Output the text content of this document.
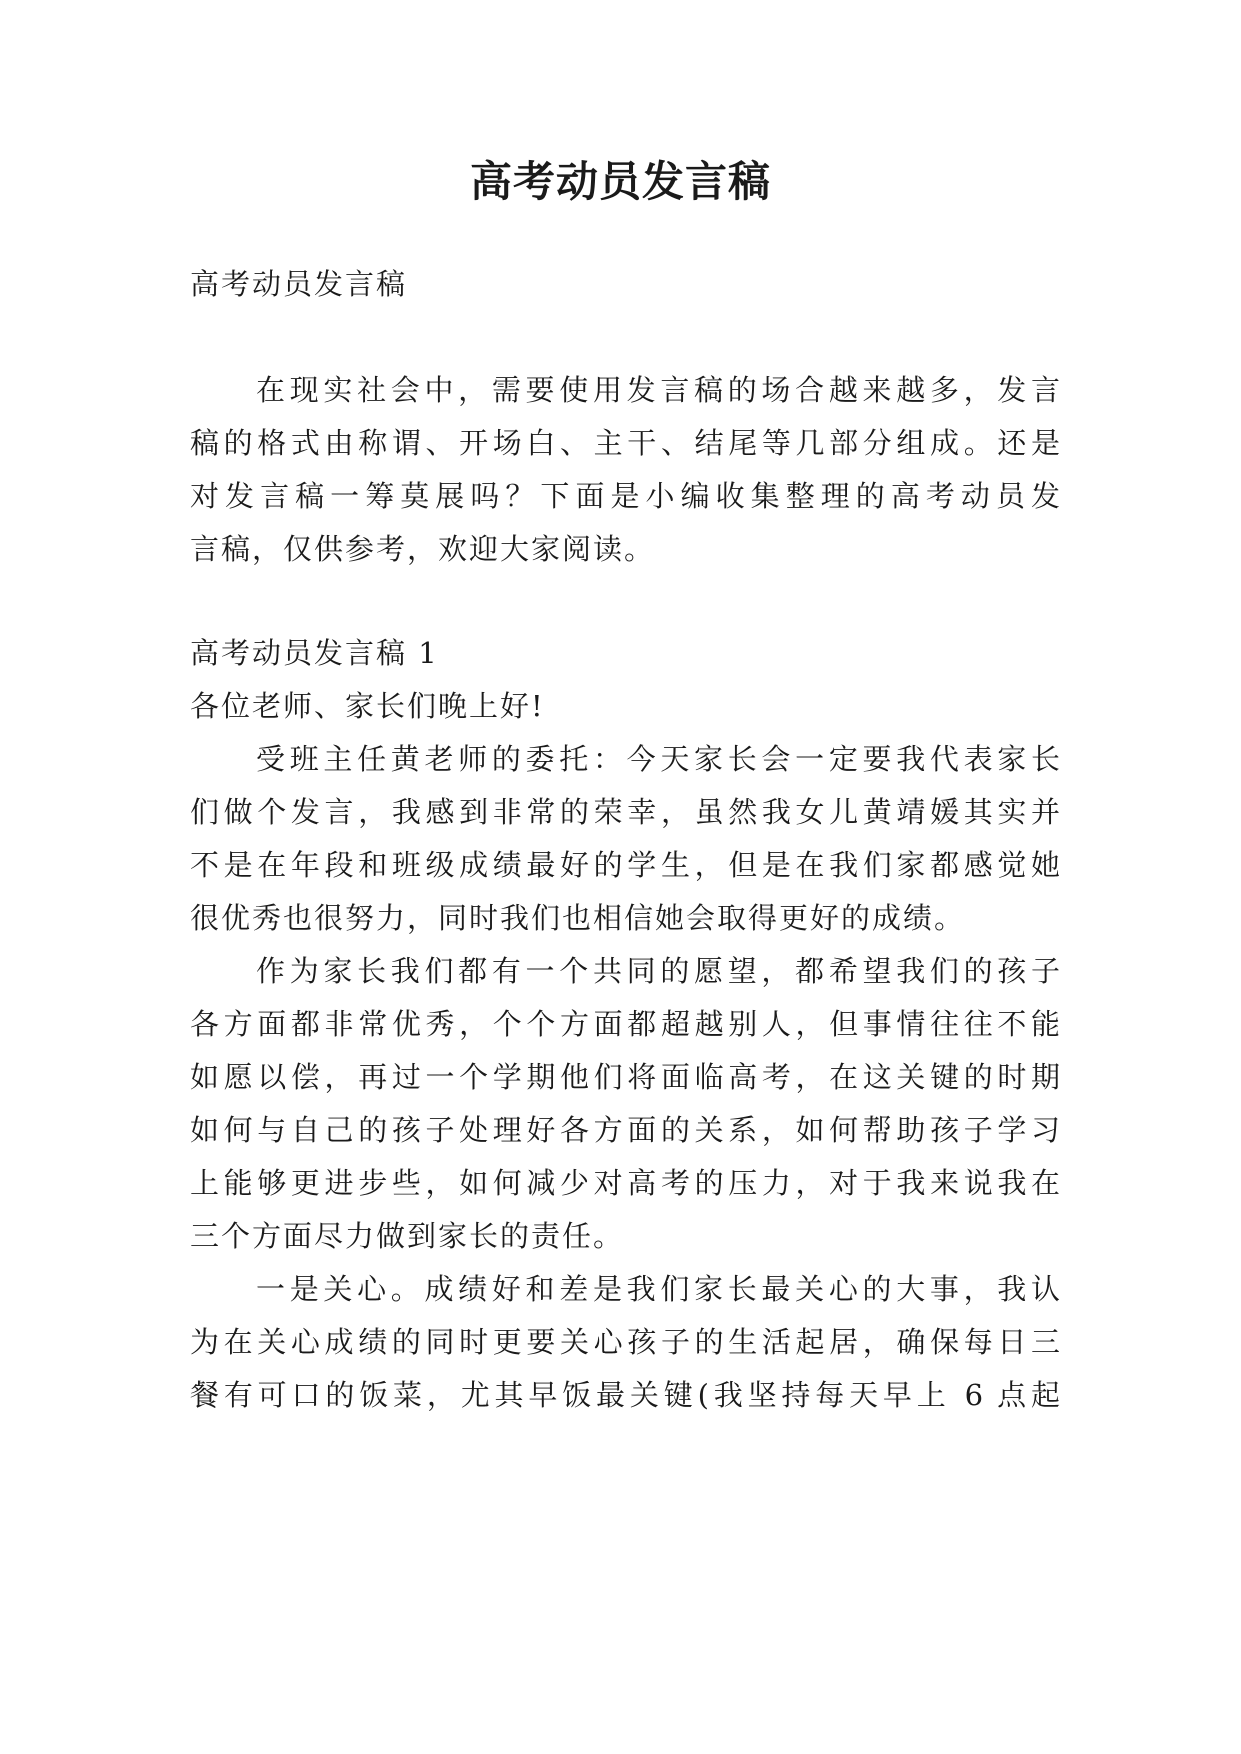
高考动员发言稿
高考动员发言稿
在现实社会中，需要使用发言稿的场合越来越多，发言
稿的格式由称谓、开场白、主干、结尾等几部分组成。还是
对发言稿一筹莫展吗？下面是小编收集整理的高考动员发
言稿，仅供参考，欢迎大家阅读。
高考动员发言稿 1
各位老师、家长们晚上好!
受班主任黄老师的委托：今天家长会一定要我代表家长
们做个发言，我感到非常的荣幸，虽然我女儿黄靖媛其实并
不是在年段和班级成绩最好的学生，但是在我们家都感觉她
很优秀也很努力，同时我们也相信她会取得更好的成绩。
作为家长我们都有一个共同的愿望，都希望我们的孩子
各方面都非常优秀，个个方面都超越别人，但事情往往不能
如愿以偿，再过一个学期他们将面临高考，在这关键的时期
如何与自己的孩子处理好各方面的关系，如何帮助孩子学习
上能够更进步些，如何减少对高考的压力，对于我来说我在
三个方面尽力做到家长的责任。
一是关心。成绩好和差是我们家长最关心的大事，我认
为在关心成绩的同时更要关心孩子的生活起居，确保每日三
餐有可口的饭菜，尤其早饭最关键(我坚持每天早上 6 点起
